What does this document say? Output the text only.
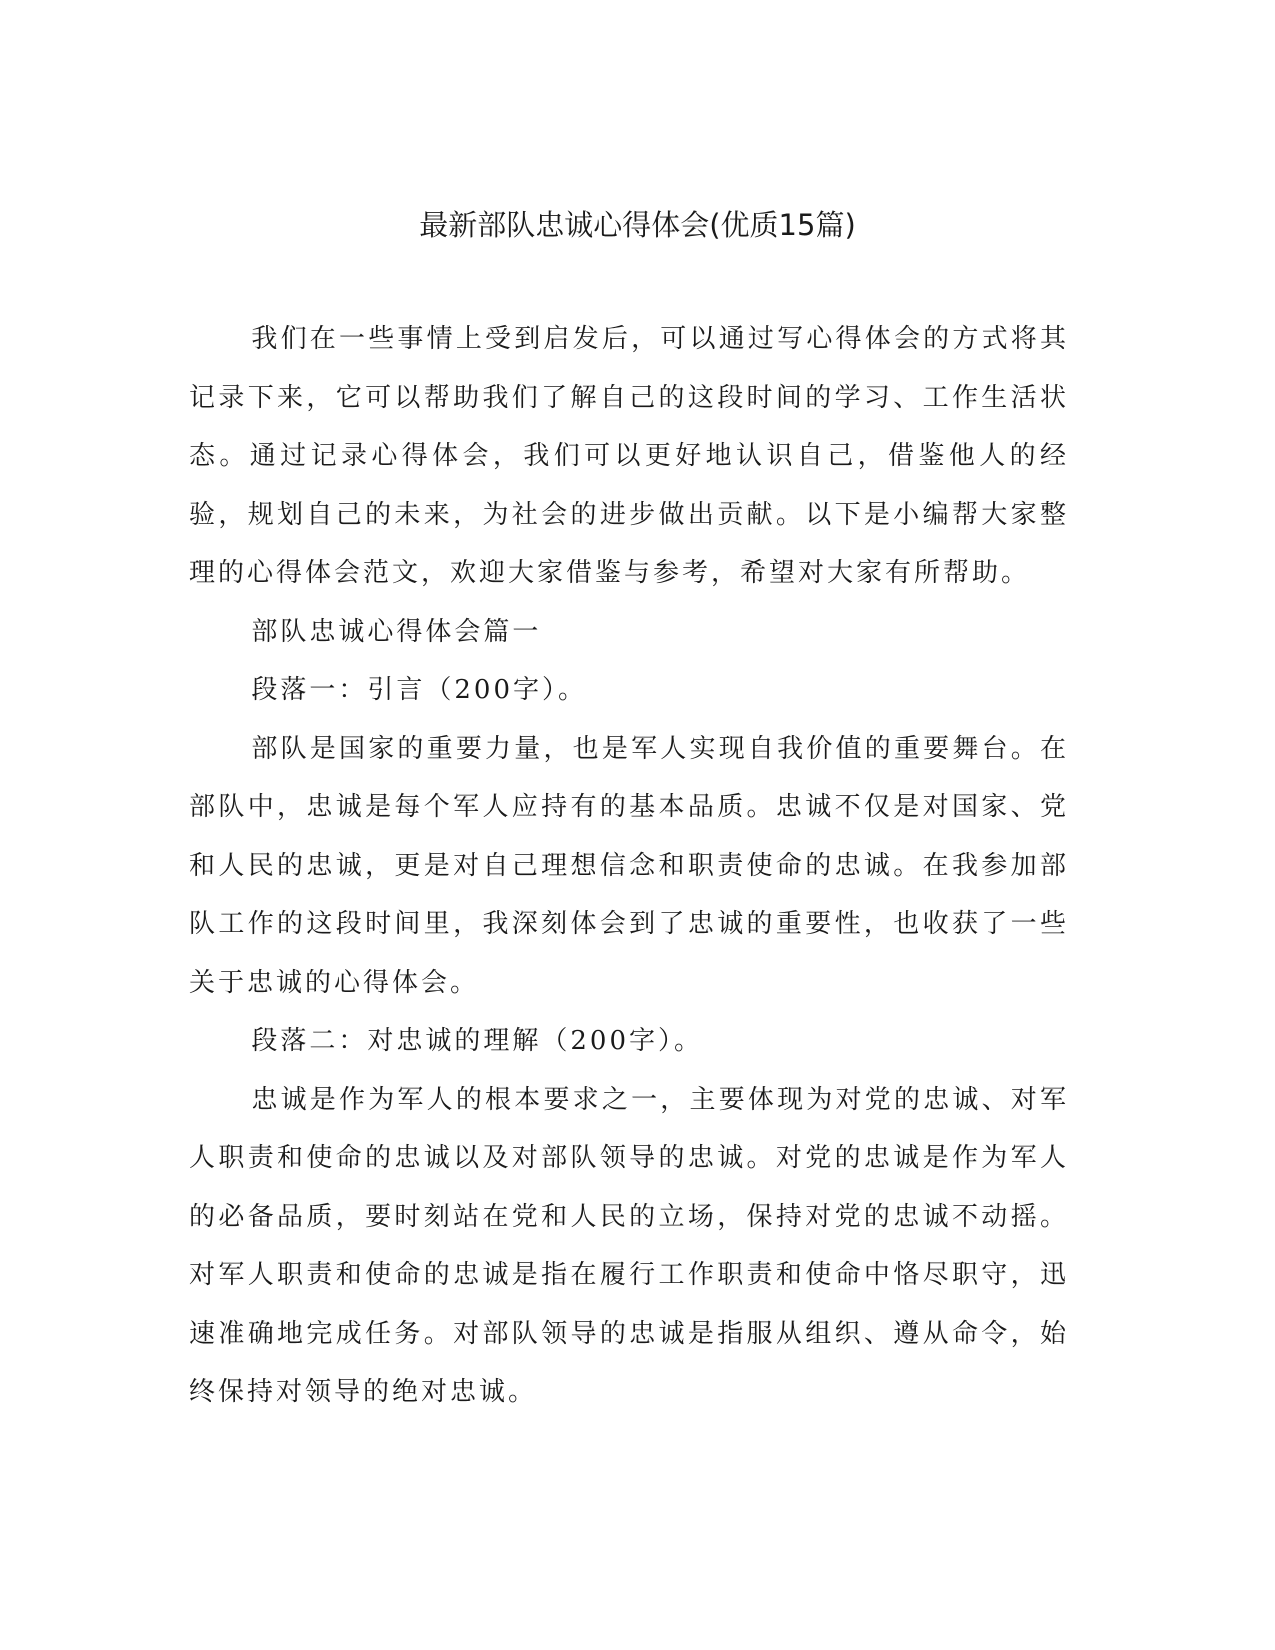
最新部队忠诚心得体会(优质15篇)

我们在一些事情上受到启发后，可以通过写心得体会的方式将其记录下来，它可以帮助我们了解自己的这段时间的学习、工作生活状态。通过记录心得体会，我们可以更好地认识自己，借鉴他人的经验，规划自己的未来，为社会的进步做出贡献。以下是小编帮大家整理的心得体会范文，欢迎大家借鉴与参考，希望对大家有所帮助。

部队忠诚心得体会篇一

段落一：引言（200字）。

部队是国家的重要力量，也是军人实现自我价值的重要舞台。在部队中，忠诚是每个军人应持有的基本品质。忠诚不仅是对国家、党和人民的忠诚，更是对自己理想信念和职责使命的忠诚。在我参加部队工作的这段时间里，我深刻体会到了忠诚的重要性，也收获了一些关于忠诚的心得体会。

段落二：对忠诚的理解（200字）。

忠诚是作为军人的根本要求之一，主要体现为对党的忠诚、对军人职责和使命的忠诚以及对部队领导的忠诚。对党的忠诚是作为军人的必备品质，要时刻站在党和人民的立场，保持对党的忠诚不动摇。对军人职责和使命的忠诚是指在履行工作职责和使命中恪尽职守，迅速准确地完成任务。对部队领导的忠诚是指服从组织、遵从命令，始终保持对领导的绝对忠诚。
